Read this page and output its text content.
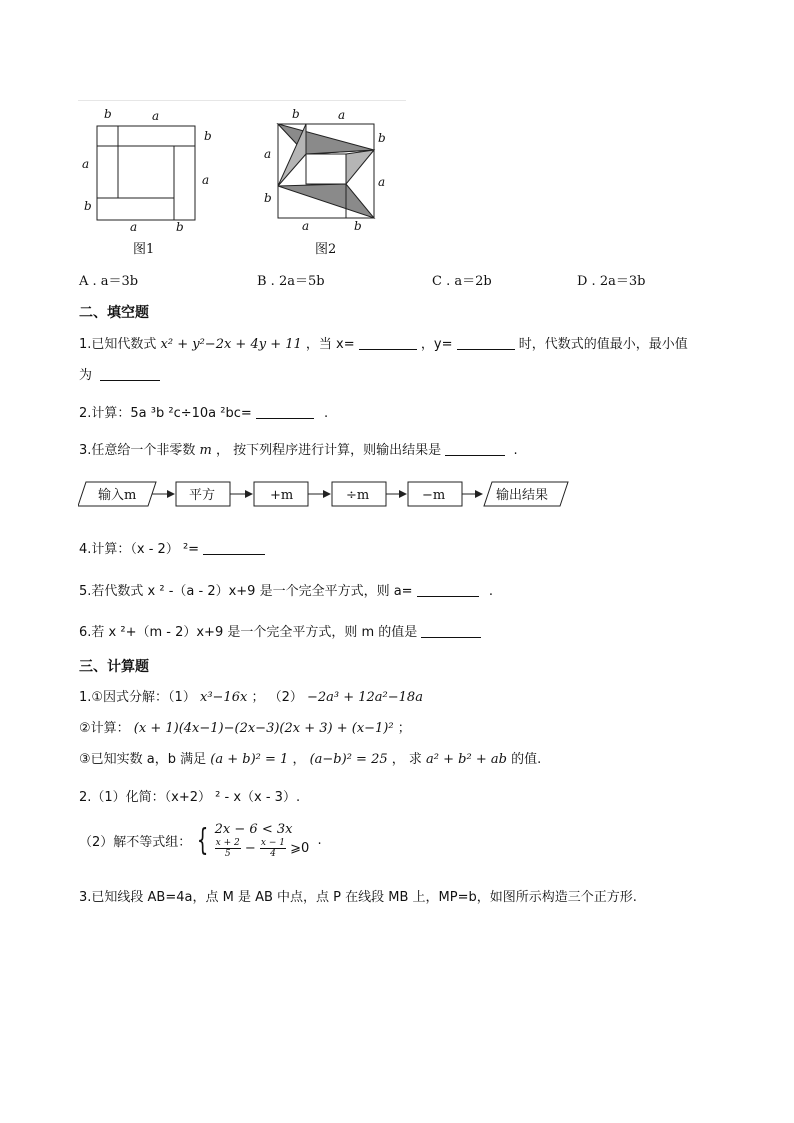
b	a
b
a
a
b
a	b
图1
b	a
b
a
a
b
a	b
图2
A . a＝3b	B . 2a＝5b	C . a＝2b	D . 2a＝3b
二、填空题
1.已知代数式 x² + y²−2x + 4y + 11 ，当 x=	，y=	时，代数式的值最小，最小值
为
2.计算：5a ³b ²c÷10a ²bc=	.
3.任意给一个非零数 m ， 按下列程序进行计算，则输出结果是	.
输入m	平方	+m	÷m	−m	输出结果
4.计算：（x - 2） ²=
5.若代数式 x ² -（a - 2）x+9 是一个完全平方式，则 a=	.
6.若 x ²+（m - 2）x+9 是一个完全平方式，则 m 的值是
三、计算题
1.①因式分解：（1） x³−16x ； （2） −2a³ + 12a²−18a
②计算： (x + 1)(4x−1)−(2x−3)(2x + 3) + (x−1)² ；
③已知实数 a，b 满足 (a + b)² = 1 ， (a−b)² = 25 ， 求 a² + b² + ab 的值.
2.（1）化简：（x+2） ² - x（x - 3）.
（2）解不等式组： { 2x − 6 < 3x
$\frac{x + 2}{5} - \frac{x - 1}{4}$ ⩾0
.
3.已知线段 AB=4a，点 M 是 AB 中点，点 P 在线段 MB 上，MP=b，如图所示构造三个正方形.
